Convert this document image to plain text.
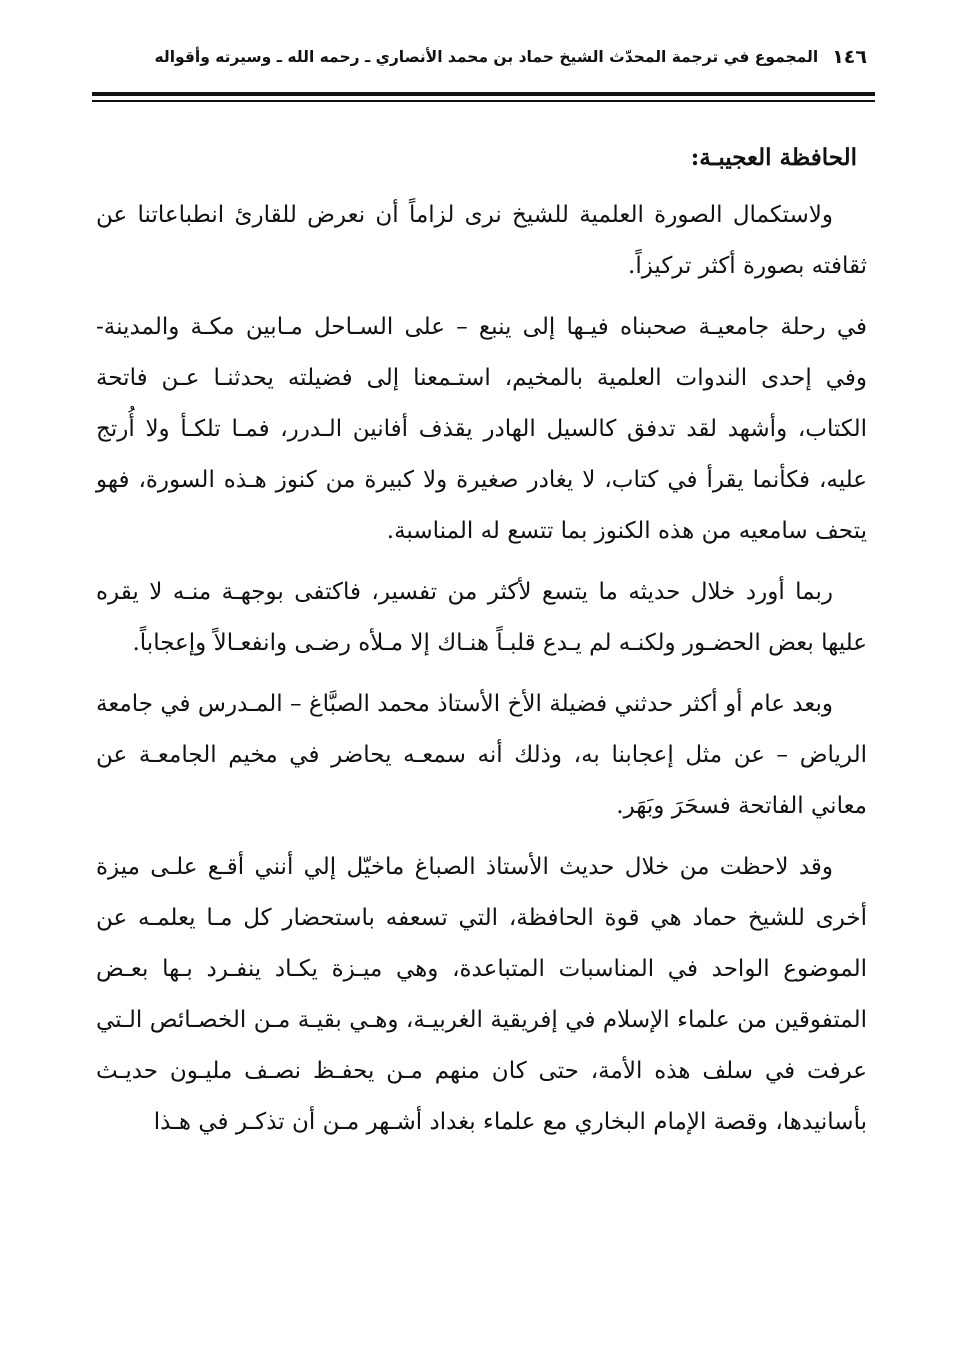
١٤٦
المجموع في ترجمة المحدّث الشيخ حماد بن محمد الأنصاري ـ رحمه الله ـ وسيرته وأقواله
الحافظة العجيبـة:

ولاستكمال الصورة العلمية للشيخ نرى لزاماً أن نعرض للقارئ انطباعاتنا عن ثقافته بصورة أكثر تركيزاً.

في رحلة جامعيـة صحبناه فيـها إلى ينبع – على السـاحل مـابين مكـة والمدينة- وفي إحدى الندوات العلمية بالمخيم، استـمعنا إلى فضيلته يحدثنـا عـن فاتحة الكتاب، وأشهد لقد تدفق كالسيل الهادر يقذف أفانين الـدرر، فمـا تلكـأ ولا أُرتج عليه، فكأنما يقرأ في كتاب، لا يغادر صغيرة ولا كبيرة من كنوز هـذه السورة، فهو يتحف سامعيه من هذه الكنوز بما تتسع له المناسبة.

ربما أورد خلال حديثه ما يتسع لأكثر من تفسير، فاكتفى بوجهـة منـه لا يقره عليها بعض الحضـور ولكنـه لم يـدع قلبـاً هنـاك إلا مـلأه رضـى وانفعـالاً وإعجاباً.

وبعد عام أو أكثر حدثني فضيلة الأخ الأستاذ محمد الصبَّاغ – المـدرس في جامعة الرياض – عن مثل إعجابنا به، وذلك أنه سمعـه يحاضر في مخيم الجامعـة عن معاني الفاتحة فسحَرَ وبَهَر.

وقد لاحظت من خلال حديث الأستاذ الصباغ ماخيّل إلي أنني أقـع علـى ميزة أخرى للشيخ حماد هي قوة الحافظة، التي تسعفه باستحضار كل مـا يعلمـه عن الموضوع الواحد في المناسبات المتباعدة، وهي ميـزة يكـاد ينفـرد بـها بعـض المتفوقين من علماء الإسلام في إفريقية الغربيـة، وهـي بقيـة مـن الخصـائص الـتي عرفت في سلف هذه الأمة، حتى كان منهم مـن يحفـظ نصـف مليـون حديـث بأسانيدها، وقصة الإمام البخاري مع علماء بغداد أشـهر مـن أن تذكـر في هـذا
